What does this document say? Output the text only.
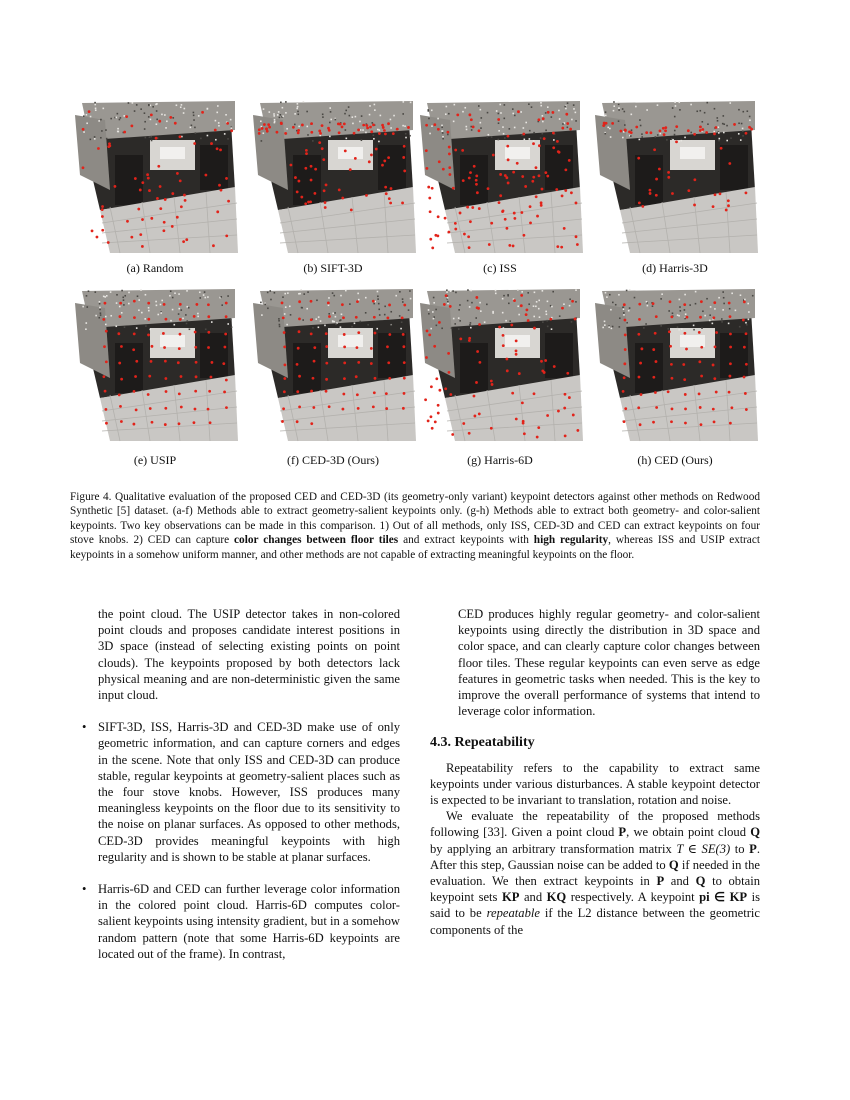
(a) Random	(b) SIFT-3D	(c) ISS	(d) Harris-3D
(e) USIP	(f) CED-3D (Ours)	(g) Harris-6D	(h) CED (Ours)
Figure 4. Qualitative evaluation of the proposed CED and CED-3D (its geometry-only variant) keypoint detectors against other methods on Redwood Synthetic [5] dataset. (a-f) Methods able to extract geometry-salient keypoints only. (g-h) Methods able to extract both geometry- and color-salient keypoints. Two key observations can be made in this comparison. 1) Out of all methods, only ISS, CED-3D and CED can extract keypoints on four stove knobs. 2) CED can capture color changes between floor tiles and extract keypoints with high regularity, whereas ISS and USIP extract keypoints in a somehow uniform manner, and other methods are not capable of extracting meaningful keypoints on the floor.

the point cloud. The USIP detector takes in non-colored point clouds and proposes candidate interest positions in 3D space (instead of selecting existing points on point clouds). The keypoints proposed by both detectors lack physical meaning and are non-deterministic given the same input cloud.

• SIFT-3D, ISS, Harris-3D and CED-3D make use of only geometric information, and can capture corners and edges in the scene. Note that only ISS and CED-3D can produce stable, regular keypoints at geometry-salient places such as the four stove knobs. However, ISS produces many meaningless keypoints on the floor due to its sensitivity to the noise on planar surfaces. As opposed to other methods, CED-3D provides meaningful keypoints with high regularity and is shown to be stable at planar surfaces.
• Harris-6D and CED can further leverage color information in the colored point cloud. Harris-6D computes color-salient keypoints using intensity gradient, but in a somehow random pattern (note that some Harris-6D keypoints are located out of the frame). In contrast,

CED produces highly regular geometry- and color-salient keypoints using directly the distribution in 3D space and color space, and can clearly capture color changes between floor tiles. These regular keypoints can even serve as edge features in geometric tasks when needed. This is the key to improve the overall performance of systems that intend to leverage color information.

4.3. Repeatability

Repeatability refers to the capability to extract same keypoints under various disturbances. A stable keypoint detector is expected to be invariant to translation, rotation and noise.

We evaluate the repeatability of the proposed methods following [33]. Given a point cloud P, we obtain point cloud Q by applying an arbitrary transformation matrix T ∈ SE(3) to P. After this step, Gaussian noise can be added to Q if needed in the evaluation. We then extract keypoints in P and Q to obtain keypoint sets KP and KQ respectively. A keypoint pi ∈ KP is said to be repeatable if the L2 distance between the geometric components of the
